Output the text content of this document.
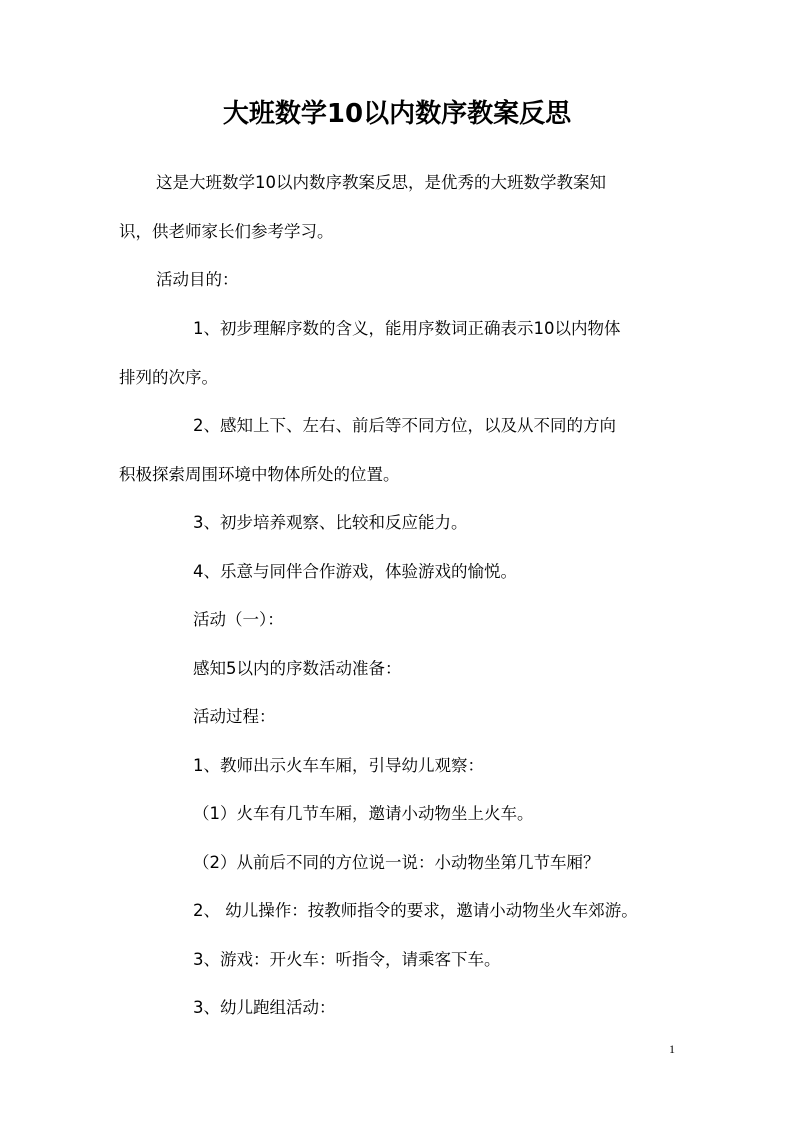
大班数学10以内数序教案反思
这是大班数学10以内数序教案反思，是优秀的大班数学教案知
识，供老师家长们参考学习。
活动目的：
1、初步理解序数的含义，能用序数词正确表示10以内物体
排列的次序。
2、感知上下、左右、前后等不同方位，以及从不同的方向
积极探索周围环境中物体所处的位置。
3、初步培养观察、比较和反应能力。
4、乐意与同伴合作游戏，体验游戏的愉悦。
活动（一）：
感知5以内的序数活动准备：
活动过程：
1、教师出示火车车厢，引导幼儿观察：
（1）火车有几节车厢，邀请小动物坐上火车。
（2）从前后不同的方位说一说：小动物坐第几节车厢？
2、 幼儿操作：按教师指令的要求，邀请小动物坐火车郊游。
3、游戏：开火车：听指令，请乘客下车。
3、幼儿跑组活动：
1
